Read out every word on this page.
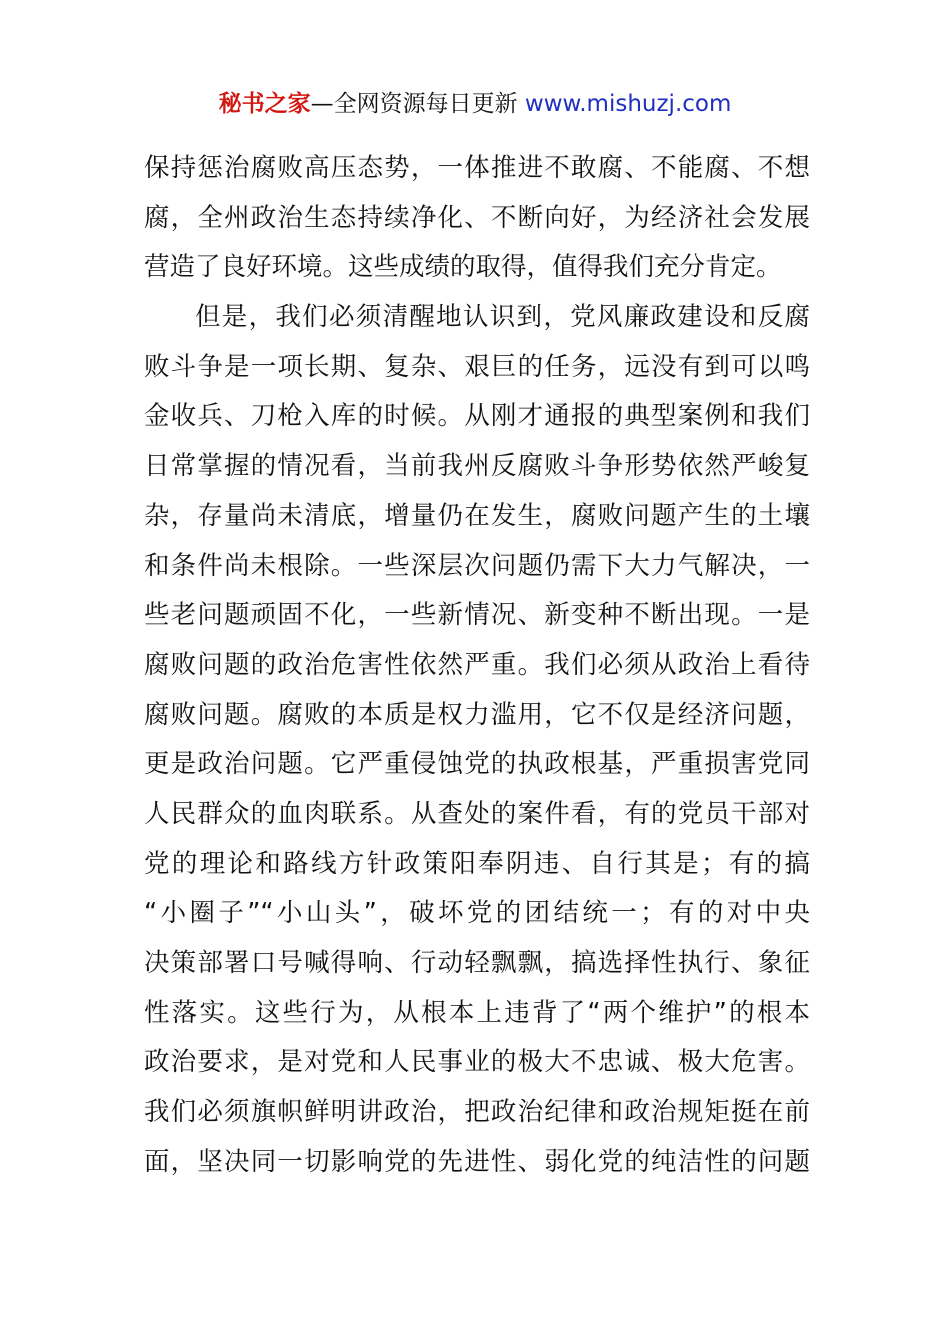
秘书之家—全网资源每日更新 www.mishuzj.com
保持惩治腐败高压态势，一体推进不敢腐、不能腐、不想
腐，全州政治生态持续净化、不断向好，为经济社会发展
营造了良好环境。这些成绩的取得，值得我们充分肯定。
但是，我们必须清醒地认识到，党风廉政建设和反腐
败斗争是一项长期、复杂、艰巨的任务，远没有到可以鸣
金收兵、刀枪入库的时候。从刚才通报的典型案例和我们
日常掌握的情况看，当前我州反腐败斗争形势依然严峻复
杂，存量尚未清底，增量仍在发生，腐败问题产生的土壤
和条件尚未根除。一些深层次问题仍需下大力气解决，一
些老问题顽固不化，一些新情况、新变种不断出现。一是
腐败问题的政治危害性依然严重。我们必须从政治上看待
腐败问题。腐败的本质是权力滥用，它不仅是经济问题，
更是政治问题。它严重侵蚀党的执政根基，严重损害党同
人民群众的血肉联系。从查处的案件看，有的党员干部对
党的理论和路线方针政策阳奉阴违、自行其是；有的搞
“小圈子”“小山头”，破坏党的团结统一；有的对中央
决策部署口号喊得响、行动轻飘飘，搞选择性执行、象征
性落实。这些行为，从根本上违背了“两个维护”的根本
政治要求，是对党和人民事业的极大不忠诚、极大危害。
我们必须旗帜鲜明讲政治，把政治纪律和政治规矩挺在前
面，坚决同一切影响党的先进性、弱化党的纯洁性的问题
